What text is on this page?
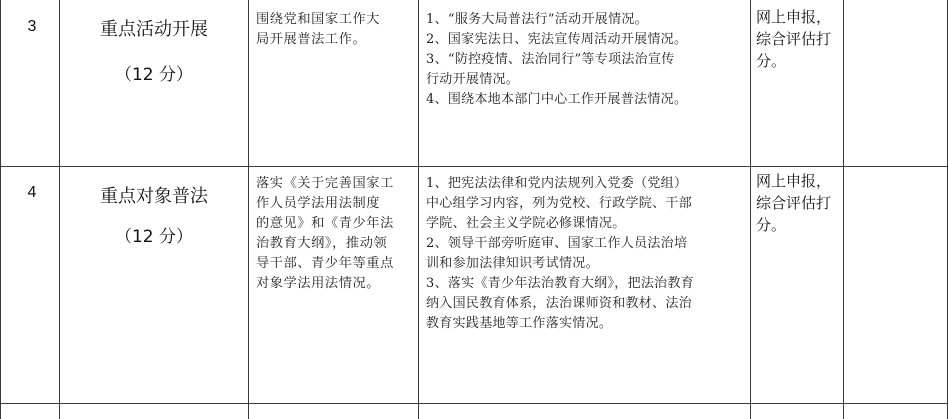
3	重点活动开展
（12 分）
围绕党和国家工作大
局开展普法工作。
1、“服务大局普法行”活动开展情况。
2、国家宪法日、宪法宣传周活动开展情况。
3、“防控疫情、法治同行”等专项法治宣传
行动开展情况。
4、围绕本地本部门中心工作开展普法情况。
网上申报，
综合评估打
分。
4	重点对象普法
（12 分）
落实《关于完善国家工
作人员学法用法制度
的意见》和《青少年法
治教育大纲》，推动领
导干部、青少年等重点
对象学法用法情况。
1、把宪法法律和党内法规列入党委（党组）
中心组学习内容，列为党校、行政学院、干部
学院、社会主义学院必修课情况。
2、领导干部旁听庭审、国家工作人员法治培
训和参加法律知识考试情况。
3、落实《青少年法治教育大纲》，把法治教育
纳入国民教育体系，法治课师资和教材、法治
教育实践基地等工作落实情况。
网上申报，
综合评估打
分。
